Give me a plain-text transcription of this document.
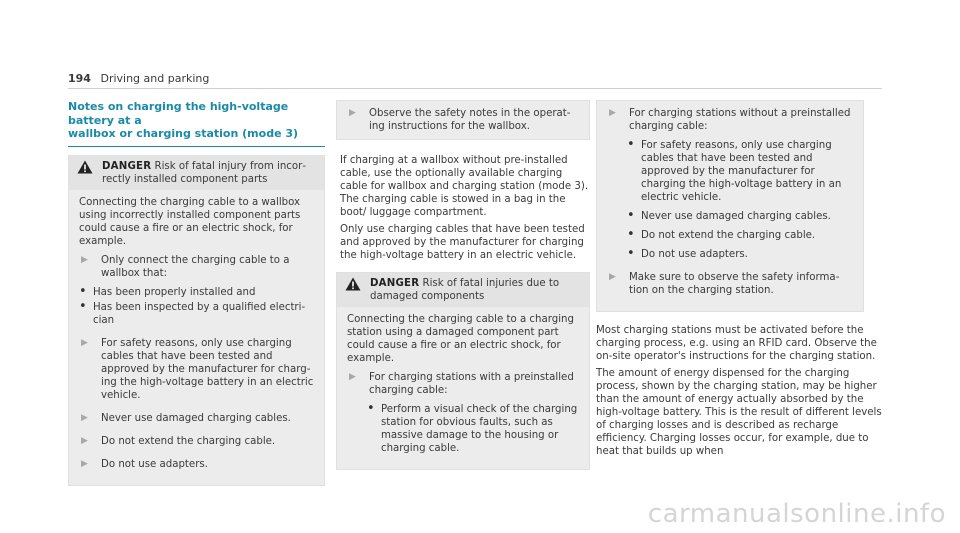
194 Driving and parking
Notes on charging the high-voltage battery at a
wallbox or charging station (mode 3)
DANGER Risk of fatal injury from incorrectly installed component parts

Connecting the charging cable to a wallbox using incorrectly installed component parts could cause a fire or an electric shock, for example.

▶	Only connect the charging cable to a wallbox that:
• Has been properly installed and
• Has been inspected by a qualified electrician
▶	For safety reasons, only use charging cables that have been tested and approved by the manufacturer for charging the high-voltage battery in an electric vehicle.
▶	Never use damaged charging cables.
▶	Do not extend the charging cable.
▶	Do not use adapters.
▶	Observe the safety notes in the operating instructions for the wallbox.

If charging at a wallbox without pre-installed cable, use the optionally available charging cable for wallbox and charging station (mode 3). The charging cable is stowed in a bag in the boot/ luggage compartment.

Only use charging cables that have been tested and approved by the manufacturer for charging the high-voltage battery in an electric vehicle.

DANGER Risk of fatal injuries due to damaged components

Connecting the charging cable to a charging station using a damaged component part could cause a fire or an electric shock, for example.

▶	For charging stations with a preinstalled charging cable:
• Perform a visual check of the charging station for obvious faults, such as massive damage to the housing or charging cable.
▶	For charging stations without a preinstalled charging cable:
• For safety reasons, only use charging cables that have been tested and approved by the manufacturer for charging the high-voltage battery in an electric vehicle.
• Never use damaged charging cables.
• Do not extend the charging cable.
• Do not use adapters.
▶	Make sure to observe the safety information on the charging station.

Most charging stations must be activated before the charging process, e.g. using an RFID card. Observe the on-site operator's instructions for the charging station.

The amount of energy dispensed for the charging process, shown by the charging station, may be higher than the amount of energy actually absorbed by the high-voltage battery. This is the result of different levels of charging losses and is described as recharge efficiency. Charging losses occur, for example, due to heat that builds up when

carmanualsonline.info
